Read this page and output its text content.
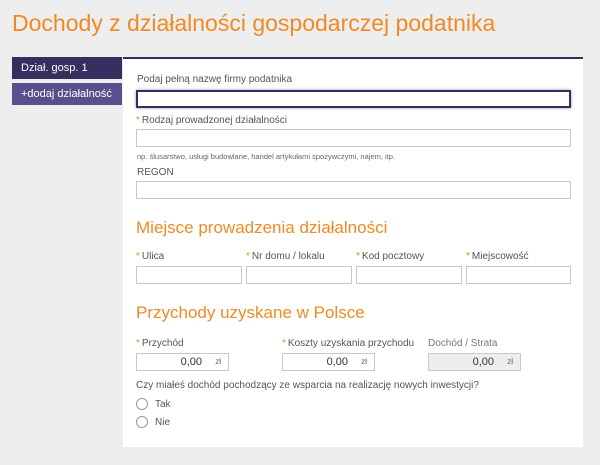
Dochody z działalności gospodarczej podatnika
Dział. gosp. 1
+dodaj działalność
Podaj pełną nazwę firmy podatnika
* Rodzaj prowadzonej działalności
np. ślusarstwo, usługi budowlane, handel artykułami spożywczymi, najem, itp.
REGON
Miejsce prowadzenia działalności
* Ulica	* Nr domu / lokalu	* Kod pocztowy	* Miejscowość
Przychody uzyskane w Polsce
* Przychód
0,00 zł
* Koszty uzyskania przychodu
0,00 zł
Dochód / Strata
0,00 zł
Czy miałeś dochód pochodzący ze wsparcia na realizację nowych inwestycji?
Tak
Nie
